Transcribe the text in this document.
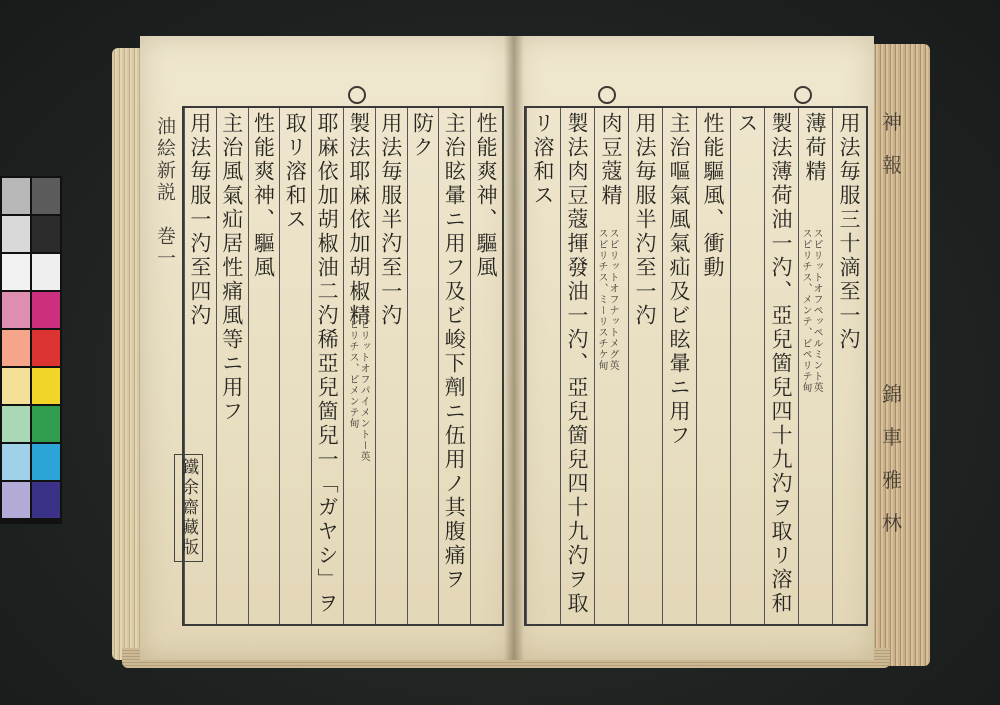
油絵新説　巻一	性能爽神、驅風
主治眩暈ニ用フ及ビ峻下劑ニ伍用ノ其腹痛ヲ
防ク
用法毎服半汋至一汋
製法耶麻依加胡椒精
耶麻依加胡椒油二汋稀亞兒箇兒一「ガヤシ」ヲ
取リ溶和ス
性能爽神、驅風
主治風氣疝居性痛風等ニ用フ
用法毎服一汋至四汋
スピリチス、ピメンテ甸 スピリットオフパイメントー英
鐵余齋藏版
用法毎服三十滴至一汋
薄荷精
製法薄荷油一汋、亞兒箇兒四十九汋ヲ取リ溶和
ス
性能驅風、衝動
主治嘔氣風氣疝及ビ眩暈ニ用フ
用法毎服半汋至一汋
肉豆蔻精
製法肉豆蔻揮發油一汋、亞兒箇兒四十九汋ヲ取
リ溶和ス
スピリチス、メンテ、ピペリテ甸 スピリットオフペッペルミント英
スピリチス、ミーリスチケ甸 スピリットオフナットメグ英
神
報
錦
車
雅
林
